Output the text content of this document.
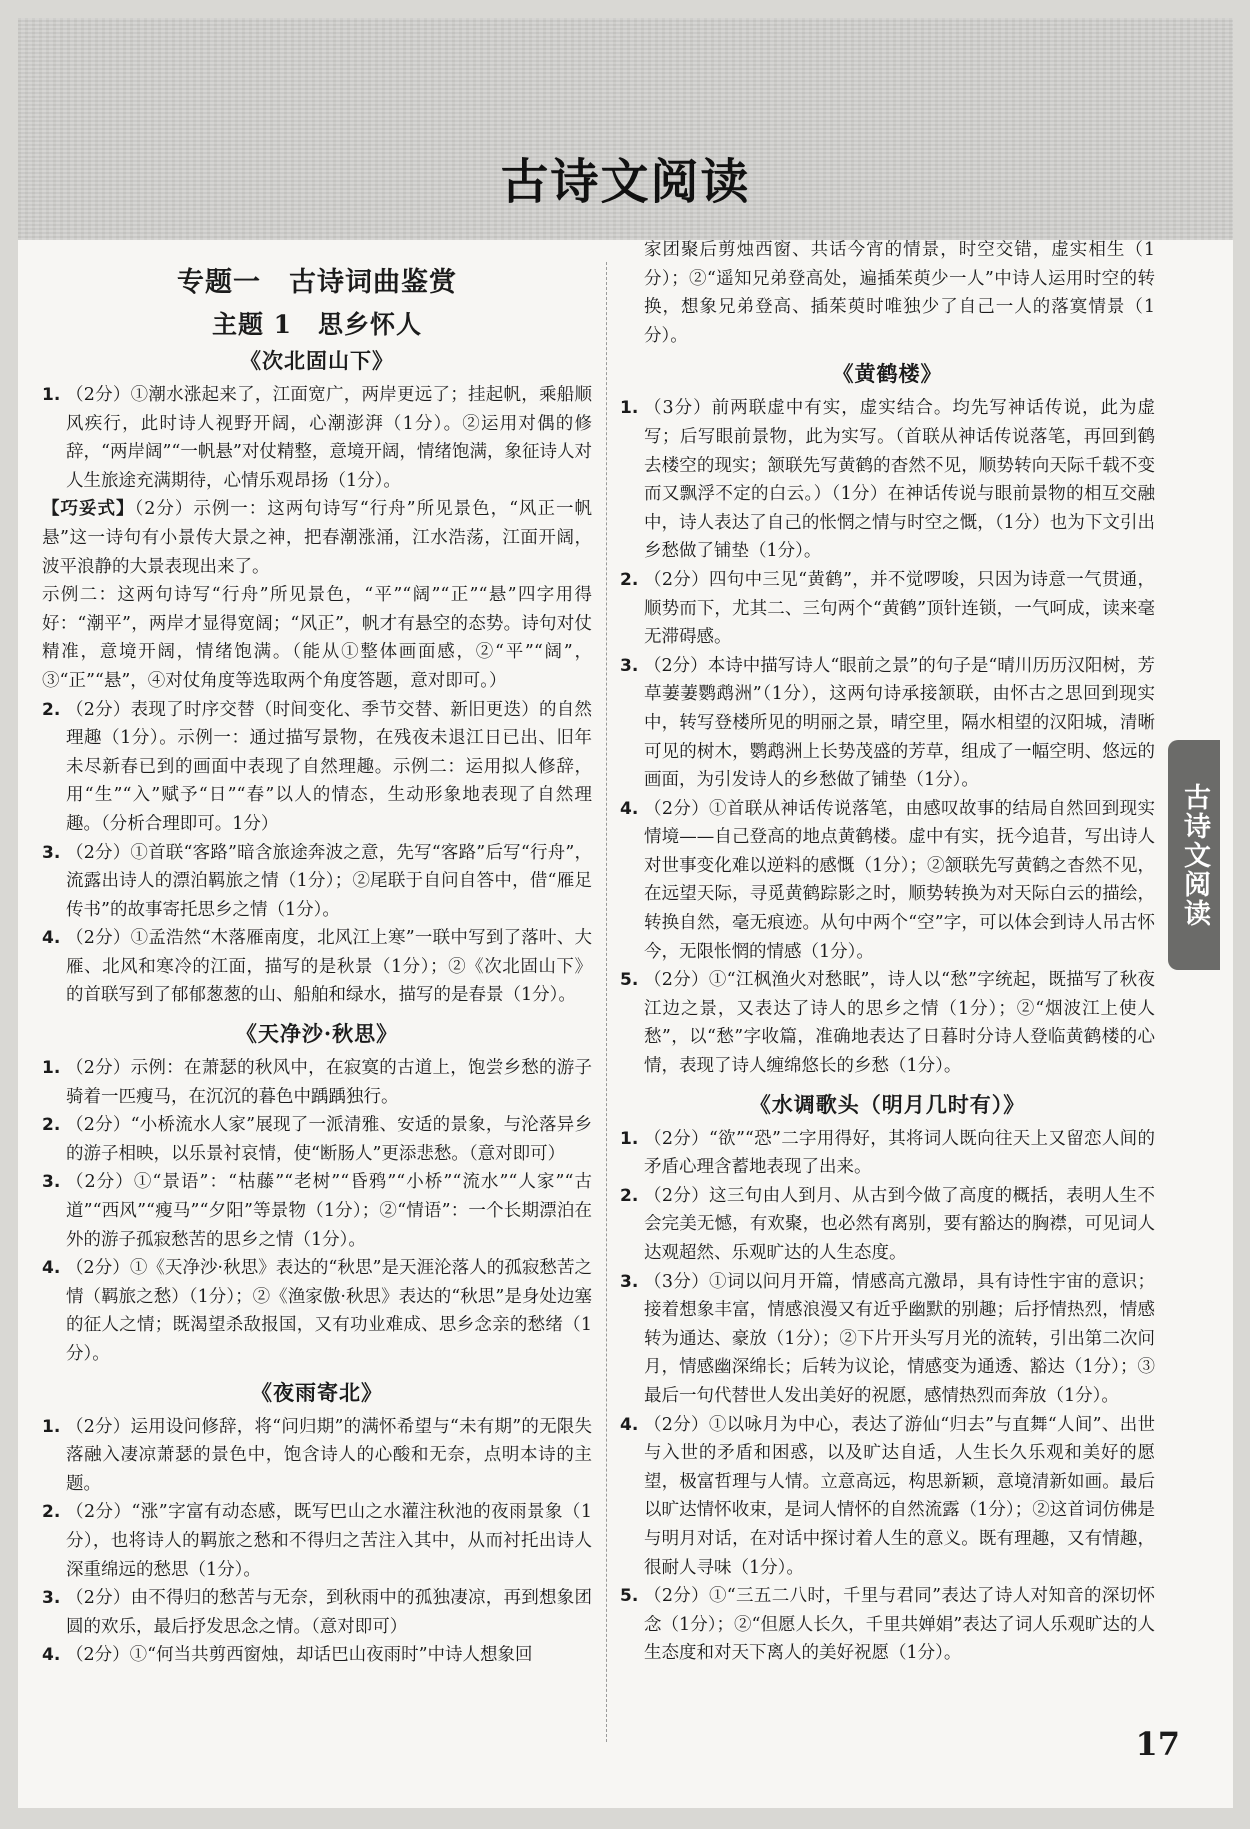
古诗文阅读
专题一　古诗词曲鉴赏
主题 1　思乡怀人
《次北固山下》
1. （2分）①潮水涨起来了，江面宽广，两岸更远了；挂起帆，乘船顺风疾行，此时诗人视野开阔，心潮澎湃（1分）。②运用对偶的修辞，“两岸阔”“一帆悬”对仗精整，意境开阔，情绪饱满，象征诗人对人生旅途充满期待，心情乐观昂扬（1分）。

【巧妥式】（2分）示例一：这两句诗写“行舟”所见景色，“风正一帆悬”这一诗句有小景传大景之神，把春潮涨涌，江水浩荡，江面开阔，波平浪静的大景表现出来了。

示例二：这两句诗写“行舟”所见景色，“平”“阔”“正”“悬”四字用得好：“潮平”，两岸才显得宽阔；“风正”，帆才有悬空的态势。诗句对仗精准，意境开阔，情绪饱满。（能从①整体画面感，②“平”“阔”，③“正”“悬”，④对仗角度等选取两个角度答题，意对即可。）

2. （2分）表现了时序交替（时间变化、季节交替、新旧更迭）的自然理趣（1分）。示例一：通过描写景物，在残夜未退江日已出、旧年未尽新春已到的画面中表现了自然理趣。示例二：运用拟人修辞，用“生”“入”赋予“日”“春”以人的情态，生动形象地表现了自然理趣。（分析合理即可。1分）
3. （2分）①首联“客路”暗含旅途奔波之意，先写“客路”后写“行舟”，流露出诗人的漂泊羁旅之情（1分）；②尾联于自问自答中，借“雁足传书”的故事寄托思乡之情（1分）。
4. （2分）①孟浩然“木落雁南度，北风江上寒”一联中写到了落叶、大雁、北风和寒冷的江面，描写的是秋景（1分）；②《次北固山下》的首联写到了郁郁葱葱的山、船舶和绿水，描写的是春景（1分）。
《天净沙·秋思》
1. （2分）示例：在萧瑟的秋风中，在寂寞的古道上，饱尝乡愁的游子骑着一匹瘦马，在沉沉的暮色中踽踽独行。
2. （2分）“小桥流水人家”展现了一派清雅、安适的景象，与沦落异乡的游子相映，以乐景衬哀情，使“断肠人”更添悲愁。（意对即可）
3. （2分）①“景语”：“枯藤”“老树”“昏鸦”“小桥”“流水”“人家”“古道”“西风”“瘦马”“夕阳”等景物（1分）；②“情语”：一个长期漂泊在外的游子孤寂愁苦的思乡之情（1分）。
4. （2分）①《天净沙·秋思》表达的“秋思”是天涯沦落人的孤寂愁苦之情（羁旅之愁）（1分）；②《渔家傲·秋思》表达的“秋思”是身处边塞的征人之情；既渴望杀敌报国，又有功业难成、思乡念亲的愁绪（1分）。
《夜雨寄北》
1. （2分）运用设问修辞，将“问归期”的满怀希望与“未有期”的无限失落融入凄凉萧瑟的景色中，饱含诗人的心酸和无奈，点明本诗的主题。
2. （2分）“涨”字富有动态感，既写巴山之水灌注秋池的夜雨景象（1分），也将诗人的羁旅之愁和不得归之苦注入其中，从而衬托出诗人深重绵远的愁思（1分）。
3. （2分）由不得归的愁苦与无奈，到秋雨中的孤独凄凉，再到想象团圆的欢乐，最后抒发思念之情。（意对即可）
4. （2分）①“何当共剪西窗烛，却话巴山夜雨时”中诗人想象回

家团聚后剪烛西窗、共话今宵的情景，时空交错，虚实相生（1分）；②“遥知兄弟登高处，遍插茱萸少一人”中诗人运用时空的转换，想象兄弟登高、插茱萸时唯独少了自己一人的落寞情景（1分）。

《黄鹤楼》
1. （3分）前两联虚中有实，虚实结合。均先写神话传说，此为虚写；后写眼前景物，此为实写。（首联从神话传说落笔，再回到鹤去楼空的现实；颔联先写黄鹤的杳然不见，顺势转向天际千载不变而又飘浮不定的白云。）（1分）在神话传说与眼前景物的相互交融中，诗人表达了自己的怅惘之情与时空之慨，（1分）也为下文引出乡愁做了铺垫（1分）。
2. （2分）四句中三见“黄鹤”，并不觉啰唆，只因为诗意一气贯通，顺势而下，尤其二、三句两个“黄鹤”顶针连锁，一气呵成，读来毫无滞碍感。
3. （2分）本诗中描写诗人“眼前之景”的句子是“晴川历历汉阳树，芳草萋萋鹦鹉洲”（1分），这两句诗承接颔联，由怀古之思回到现实中，转写登楼所见的明丽之景，晴空里，隔水相望的汉阳城，清晰可见的树木，鹦鹉洲上长势茂盛的芳草，组成了一幅空明、悠远的画面，为引发诗人的乡愁做了铺垫（1分）。
4. （2分）①首联从神话传说落笔，由感叹故事的结局自然回到现实情境——自己登高的地点黄鹤楼。虚中有实，抚今追昔，写出诗人对世事变化难以逆料的感慨（1分）；②颔联先写黄鹤之杳然不见，在远望天际，寻觅黄鹤踪影之时，顺势转换为对天际白云的描绘，转换自然，毫无痕迹。从句中两个“空”字，可以体会到诗人吊古怀今，无限怅惘的情感（1分）。
5. （2分）①“江枫渔火对愁眠”，诗人以“愁”字统起，既描写了秋夜江边之景，又表达了诗人的思乡之情（1分）；②“烟波江上使人愁”，以“愁”字收篇，准确地表达了日暮时分诗人登临黄鹤楼的心情，表现了诗人缠绵悠长的乡愁（1分）。
《水调歌头（明月几时有）》
1. （2分）“欲”“恐”二字用得好，其将词人既向往天上又留恋人间的矛盾心理含蓄地表现了出来。
2. （2分）这三句由人到月、从古到今做了高度的概括，表明人生不会完美无憾，有欢聚，也必然有离别，要有豁达的胸襟，可见词人达观超然、乐观旷达的人生态度。
3. （3分）①词以问月开篇，情感高亢激昂，具有诗性宇宙的意识；接着想象丰富，情感浪漫又有近乎幽默的别趣；后抒情热烈，情感转为通达、豪放（1分）；②下片开头写月光的流转，引出第二次问月，情感幽深绵长；后转为议论，情感变为通透、豁达（1分）；③最后一句代替世人发出美好的祝愿，感情热烈而奔放（1分）。
4. （2分）①以咏月为中心，表达了游仙“归去”与直舞“人间”、出世与入世的矛盾和困惑，以及旷达自适，人生长久乐观和美好的愿望，极富哲理与人情。立意高远，构思新颖，意境清新如画。最后以旷达情怀收束，是词人情怀的自然流露（1分）；②这首词仿佛是与明月对话，在对话中探讨着人生的意义。既有理趣，又有情趣，很耐人寻味（1分）。
5. （2分）①“三五二八时，千里与君同”表达了诗人对知音的深切怀念（1分）；②“但愿人长久，千里共婵娟”表达了词人乐观旷达的人生态度和对天下离人的美好祝愿（1分）。
古诗文阅读
17
